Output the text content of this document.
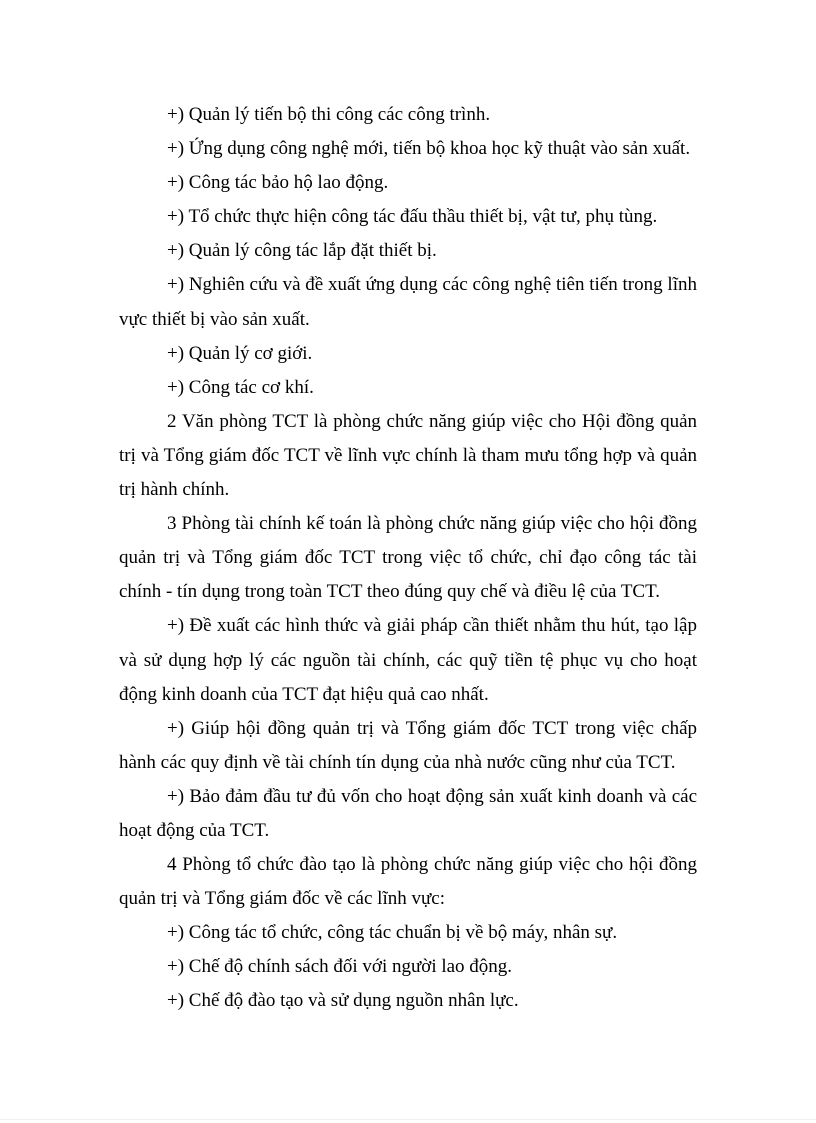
+) Quản lý tiến bộ thi công các công trình.

+) Ứng dụng công nghệ mới, tiến bộ khoa học kỹ thuật vào sản xuất.

+) Công tác bảo hộ lao động.

+) Tổ chức thực hiện công tác đấu thầu thiết bị, vật tư, phụ tùng.

+) Quản lý công tác lắp đặt thiết bị.

+) Nghiên cứu và đề xuất ứng dụng các công nghệ tiên tiến trong lĩnh vực thiết bị vào sản xuất.

+) Quản lý cơ giới.

+) Công tác cơ khí.

2 Văn phòng TCT là phòng chức năng giúp việc cho Hội đồng quản trị và Tổng giám đốc TCT về lĩnh vực chính là tham mưu tổng hợp và quản trị hành chính.

3 Phòng tài chính kế toán là phòng chức năng giúp việc cho hội đồng quản trị và Tổng giám đốc TCT trong việc tổ chức, chỉ đạo công tác tài chính - tín dụng trong toàn TCT theo đúng quy chế và điều lệ của TCT.

+) Đề xuất các hình thức và giải pháp cần thiết nhằm thu hút, tạo lập và sử dụng hợp lý các nguồn tài chính, các quỹ tiền tệ phục vụ cho hoạt động kinh doanh của TCT đạt hiệu quả cao nhất.

+) Giúp hội đồng quản trị và Tổng giám đốc TCT trong việc chấp hành các quy định về tài chính tín dụng của nhà nước cũng như của TCT.

+) Bảo đảm đầu tư đủ vốn cho hoạt động sản xuất kinh doanh và các hoạt động của TCT.

4 Phòng tổ chức đào tạo là phòng chức năng giúp việc cho hội đồng quản trị và Tổng giám đốc về các lĩnh vực:

+) Công tác tổ chức, công tác chuẩn bị về bộ máy, nhân sự.

+) Chế độ chính sách đối với người lao động.

+) Chế độ đào tạo và sử dụng nguồn nhân lực.
